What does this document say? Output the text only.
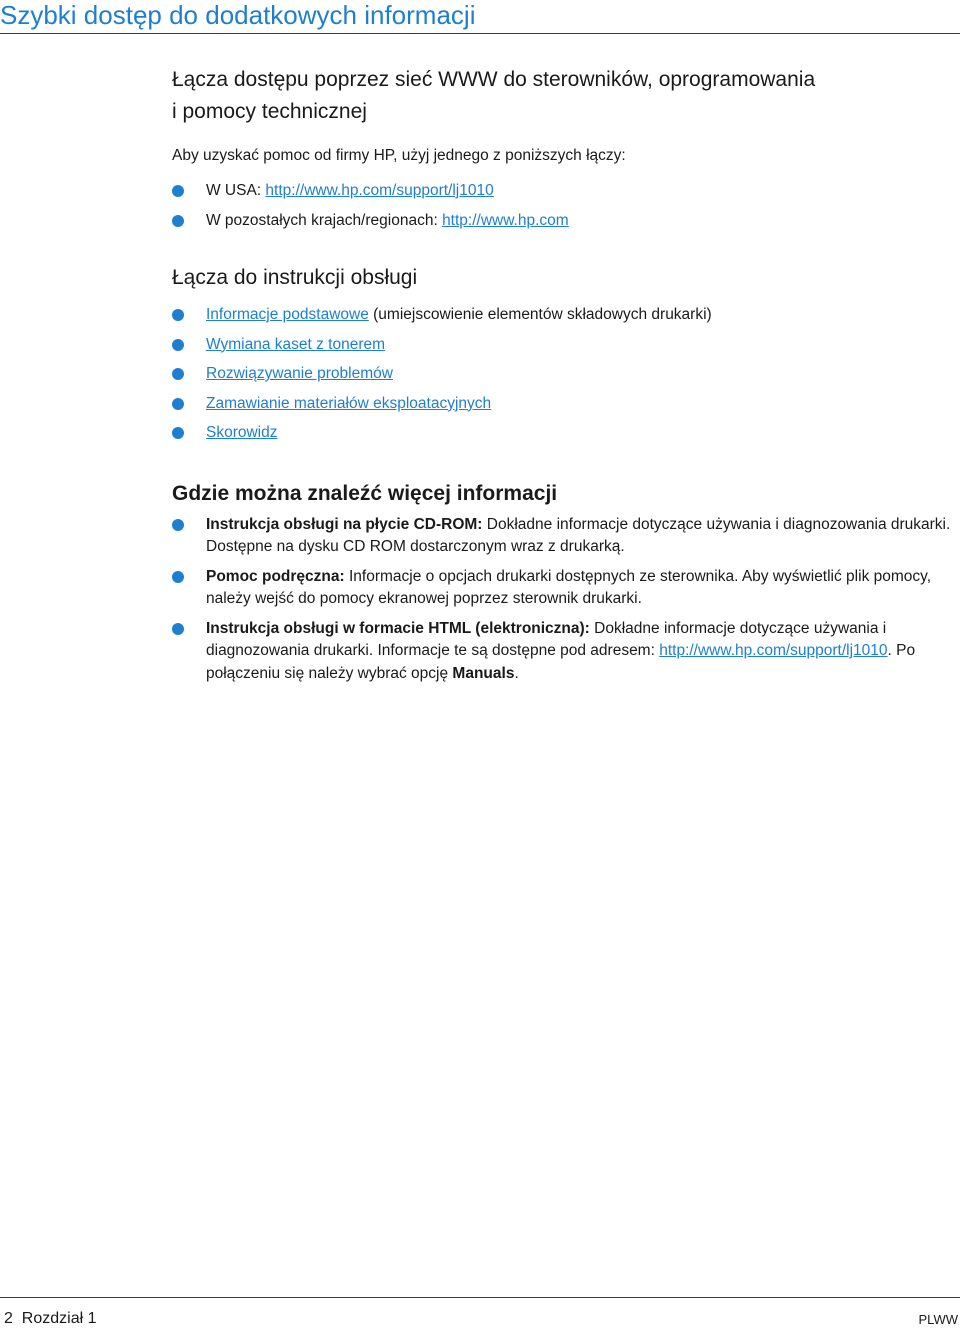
Szybki dostęp do dodatkowych informacji
Łącza dostępu poprzez sieć WWW do sterowników, oprogramowania
i pomocy technicznej

Aby uzyskać pomoc od firmy HP, użyj jednego z poniższych łączy:

W USA: http://www.hp.com/support/lj1010
W pozostałych krajach/regionach: http://www.hp.com
Łącza do instrukcji obsługi
Informacje podstawowe (umiejscowienie elementów składowych drukarki)
Wymiana kaset z tonerem
Rozwiązywanie problemów
Zamawianie materiałów eksploatacyjnych
Skorowidz
Gdzie można znaleźć więcej informacji
Instrukcja obsługi na płycie CD-ROM: Dokładne informacje dotyczące używania i diagnozowania drukarki. Dostępne na dysku CD ROM dostarczonym wraz z drukarką.
Pomoc podręczna: Informacje o opcjach drukarki dostępnych ze sterownika. Aby wyświetlić plik pomocy, należy wejść do pomocy ekranowej poprzez sterownik drukarki.
Instrukcja obsługi w formacie HTML (elektroniczna): Dokładne informacje dotyczące używania i diagnozowania drukarki. Informacje te są dostępne pod adresem: http://www.hp.com/support/lj1010. Po połączeniu się należy wybrać opcję Manuals.
2 Rozdział 1	PLWW
